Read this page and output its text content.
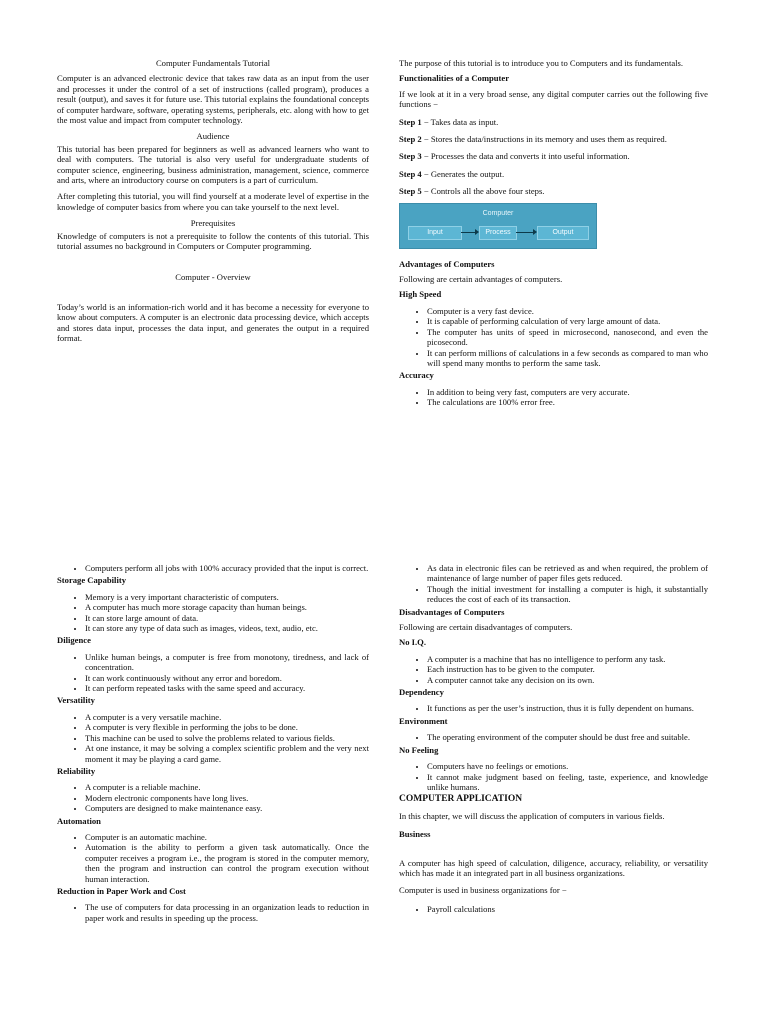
Computer Fundamentals Tutorial

Computer is an advanced electronic device that takes raw data as an input from the user and processes it under the control of a set of instructions (called program), produces a result (output), and saves it for future use. This tutorial explains the foundational concepts of computer hardware, software, operating systems, peripherals, etc. along with how to get the most value and impact from computer technology.

Audience

This tutorial has been prepared for beginners as well as advanced learners who want to deal with computers. The tutorial is also very useful for undergraduate students of computer science, engineering, business administration, management, science, commerce and arts, where an introductory course on computers is a part of curriculum.

After completing this tutorial, you will find yourself at a moderate level of expertise in the knowledge of computer basics from where you can take yourself to the next level.

Prerequisites

Knowledge of computers is not a prerequisite to follow the contents of this tutorial. This tutorial assumes no background in Computers or Computer programming.

Computer - Overview

Today’s world is an information-rich world and it has become a necessity for everyone to know about computers. A computer is an electronic data processing device, which accepts and stores data input, processes the data input, and generates the output in a required format.

The purpose of this tutorial is to introduce you to Computers and its fundamentals.

Functionalities of a Computer

If we look at it in a very broad sense, any digital computer carries out the following five functions −

Step 1 − Takes data as input.

Step 2 − Stores the data/instructions in its memory and uses them as required.

Step 3 − Processes the data and converts it into useful information.

Step 4 − Generates the output.

Step 5 − Controls all the above four steps.

Computer
Input	Process	Output

Advantages of Computers

Following are certain advantages of computers.

High Speed

• Computer is a very fast device.
• It is capable of performing calculation of very large amount of data.
• The computer has units of speed in microsecond, nanosecond, and even the picosecond.
• It can perform millions of calculations in a few seconds as compared to man who will spend many months to perform the same task.

Accuracy

• In addition to being very fast, computers are very accurate.
• The calculations are 100% error free.
• Computers perform all jobs with 100% accuracy provided that the input is correct.

Storage Capability

• Memory is a very important characteristic of computers.
• A computer has much more storage capacity than human beings.
• It can store large amount of data.
• It can store any type of data such as images, videos, text, audio, etc.

Diligence

• Unlike human beings, a computer is free from monotony, tiredness, and lack of concentration.
• It can work continuously without any error and boredom.
• It can perform repeated tasks with the same speed and accuracy.

Versatility

• A computer is a very versatile machine.
• A computer is very flexible in performing the jobs to be done.
• This machine can be used to solve the problems related to various fields.
• At one instance, it may be solving a complex scientific problem and the very next moment it may be playing a card game.

Reliability

• A computer is a reliable machine.
• Modern electronic components have long lives.
• Computers are designed to make maintenance easy.

Automation

• Computer is an automatic machine.
• Automation is the ability to perform a given task automatically. Once the computer receives a program i.e., the program is stored in the computer memory, then the program and instruction can control the program execution without human interaction.

Reduction in Paper Work and Cost

• The use of computers for data processing in an organization leads to reduction in paper work and results in speeding up the process.
• As data in electronic files can be retrieved as and when required, the problem of maintenance of large number of paper files gets reduced.
• Though the initial investment for installing a computer is high, it substantially reduces the cost of each of its transaction.

Disadvantages of Computers

Following are certain disadvantages of computers.

No I.Q.

• A computer is a machine that has no intelligence to perform any task.
• Each instruction has to be given to the computer.
• A computer cannot take any decision on its own.

Dependency

• It functions as per the user’s instruction, thus it is fully dependent on humans.

Environment

• The operating environment of the computer should be dust free and suitable.

No Feeling

• Computers have no feelings or emotions.
• It cannot make judgment based on feeling, taste, experience, and knowledge unlike humans.

COMPUTER APPLICATION

In this chapter, we will discuss the application of computers in various fields.

Business

A computer has high speed of calculation, diligence, accuracy, reliability, or versatility which has made it an integrated part in all business organizations.

Computer is used in business organizations for −

• Payroll calculations
